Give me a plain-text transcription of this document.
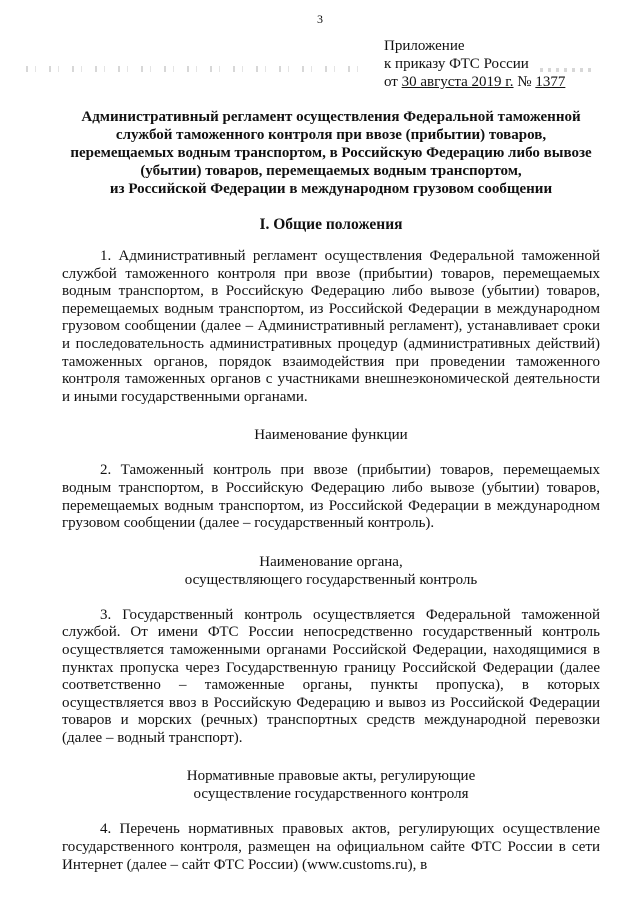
3
Приложение
к приказу ФТС России
от 30 августа 2019 г. № 1377

Административный регламент осуществления Федеральной таможенной
службой таможенного контроля при ввозе (прибытии) товаров,
перемещаемых водным транспортом, в Российскую Федерацию либо вывозе
(убытии) товаров, перемещаемых водным транспортом,
из Российской Федерации в международном грузовом сообщении

I. Общие положения

1. Административный регламент осуществления Федеральной таможенной службой таможенного контроля при ввозе (прибытии) товаров, перемещаемых водным транспортом, в Российскую Федерацию либо вывозе (убытии) товаров, перемещаемых водным транспортом, из Российской Федерации в международном грузовом сообщении (далее – Административный регламент), устанавливает сроки и последовательность административных процедур (административных действий) таможенных органов, порядок взаимодействия при проведении таможенного контроля таможенных органов с участниками внешнеэкономической деятельности и иными государственными органами.

Наименование функции

2. Таможенный контроль при ввозе (прибытии) товаров, перемещаемых водным транспортом, в Российскую Федерацию либо вывозе (убытии) товаров, перемещаемых водным транспортом, из Российской Федерации в международном грузовом сообщении (далее – государственный контроль).

Наименование органа,
осуществляющего государственный контроль

3. Государственный контроль осуществляется Федеральной таможенной службой. От имени ФТС России непосредственно государственный контроль осуществляется таможенными органами Российской Федерации, находящимися в пунктах пропуска через Государственную границу Российской Федерации (далее соответственно – таможенные органы, пункты пропуска), в которых осуществляется ввоз в Российскую Федерацию и вывоз из Российской Федерации товаров и морских (речных) транспортных средств международной перевозки (далее – водный транспорт).

Нормативные правовые акты, регулирующие
осуществление государственного контроля

4. Перечень нормативных правовых актов, регулирующих осуществление государственного контроля, размещен на официальном сайте ФТС России в сети Интернет (далее – сайт ФТС России) (www.customs.ru), в
